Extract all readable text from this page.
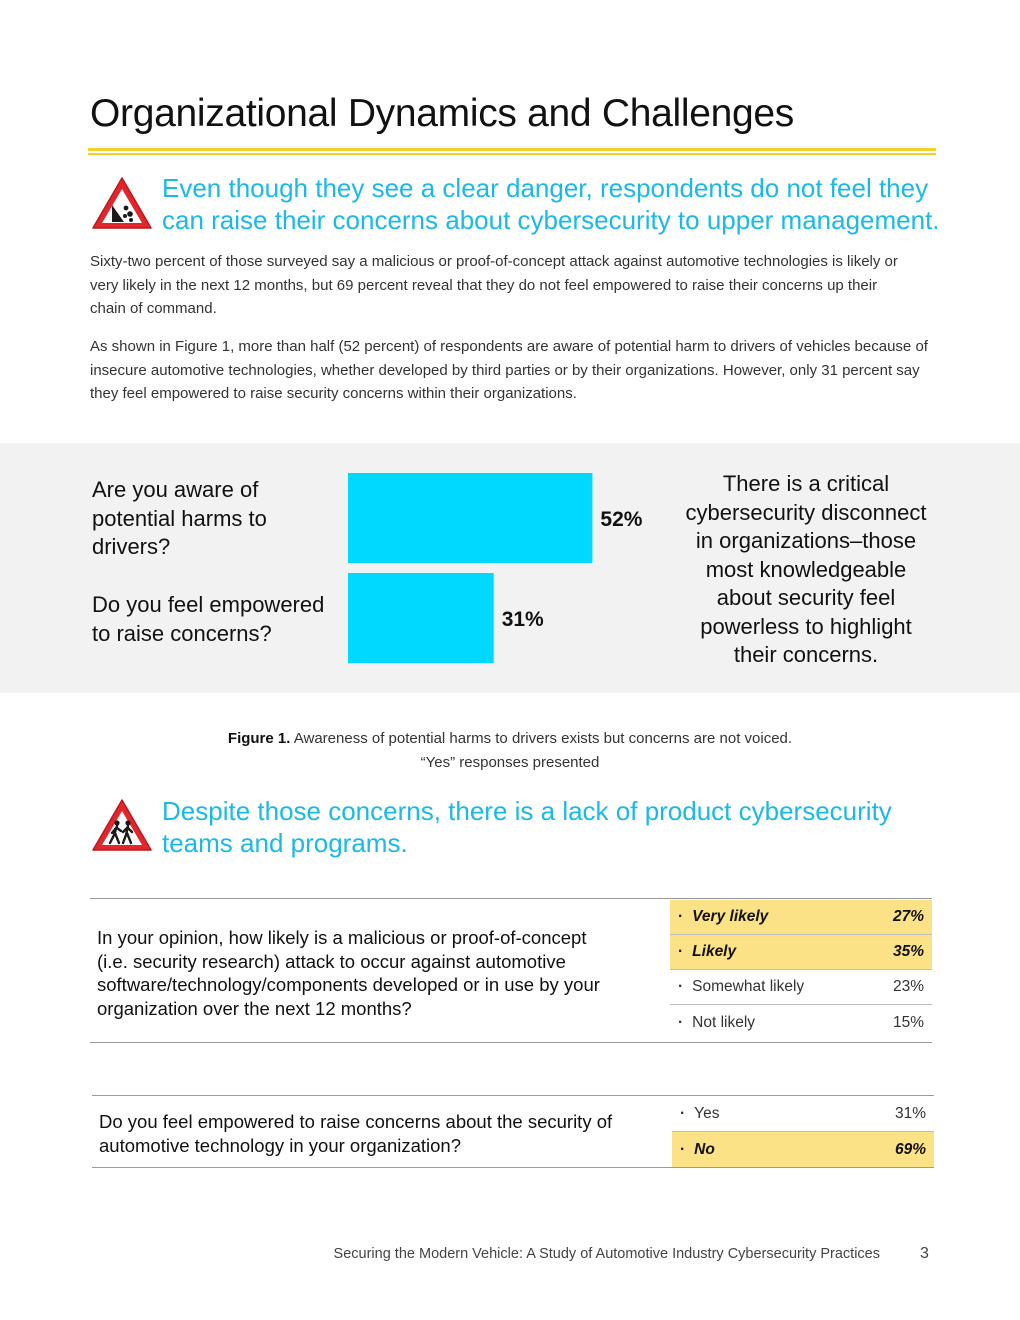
Organizational Dynamics and Challenges
Even though they see a clear danger, respondents do not feel they
can raise their concerns about cybersecurity to upper management.
Sixty-two percent of those surveyed say a malicious or proof-of-concept attack against automotive technologies is likely or very likely in the next 12 months, but 69 percent reveal that they do not feel empowered to raise their concerns up their chain of command.
As shown in Figure 1, more than half (52 percent) of respondents are aware of potential harm to drivers of vehicles because of insecure automotive technologies, whether developed by third parties or by their organizations. However, only 31 percent say they feel empowered to raise security concerns within their organizations.
Are you aware of
potential harms to
drivers?
Do you feel empowered
to raise concerns?
52%
31%
There is a critical
cybersecurity disconnect
in organizations–those
most knowledgeable
about security feel
powerless to highlight
their concerns.
Figure 1. Awareness of potential harms to drivers exists but concerns are not voiced.
“Yes” responses presented
Despite those concerns, there is a lack of product cybersecurity
teams and programs.
In your opinion, how likely is a malicious or proof-of-concept
(i.e. security research) attack to occur against automotive
software/technology/components developed or in use by your
organization over the next 12 months?
· Very likely	27%
· Likely	35%
· Somewhat likely	23%
· Not likely	15%
Do you feel empowered to raise concerns about the security of
automotive technology in your organization?
· Yes	31%
· No	69%
Securing the Modern Vehicle: A Study of Automotive Industry Cybersecurity Practices	3
